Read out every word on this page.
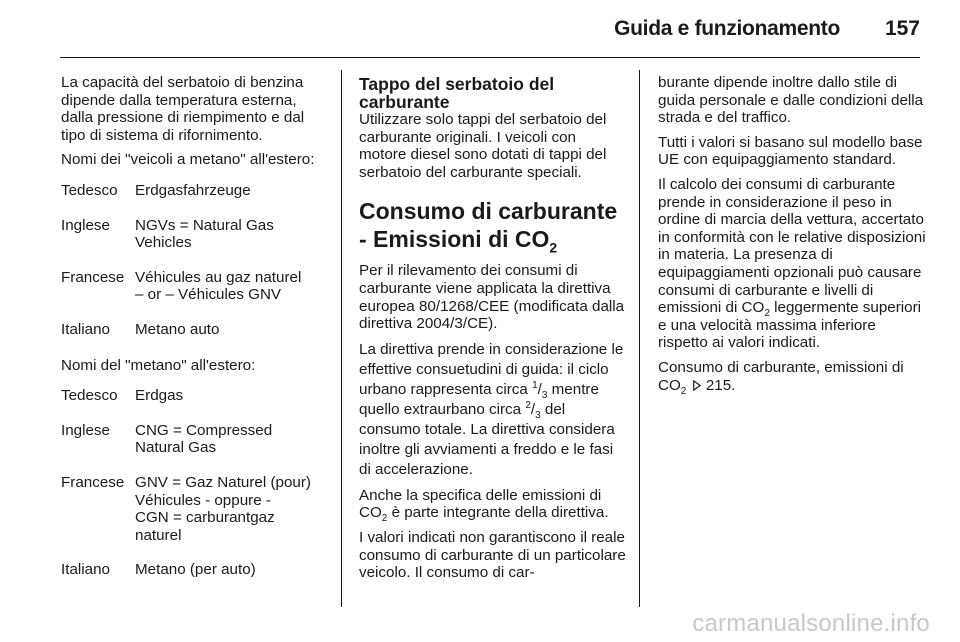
Guida e funzionamento 157

La capacità del serbatoio di benzina dipende dalla temperatura esterna, dalla pressione di riempimento e dal tipo di sistema di rifornimento.

Nomi dei "veicoli a metano" all'estero:

Tedesco	Erdgasfahrzeuge
Inglese	NGVs = Natural Gas
Vehicles
Francese Véhicules au gaz naturel
– or – Véhicules GNV
Italiano	Metano auto

Nomi del "metano" all'estero:

Tedesco	Erdgas
Inglese	CNG = Compressed
Natural Gas
Francese GNV = Gaz Naturel (pour)
Véhicules - oppure -
CGN = carburantgaz
naturel
Italiano	Metano (per auto)
Tappo del serbatoio del carburante

Utilizzare solo tappi del serbatoio del carburante originali. I veicoli con motore diesel sono dotati di tappi del serbatoio del carburante speciali.

Consumo di carburante - Emissioni di $CO_2$

Per il rilevamento dei consumi di carburante viene applicata la direttiva europea 80/1268/CEE (modificata dalla direttiva 2004/3/CE).

La direttiva prende in considerazione le effettive consuetudini di guida: il ciclo urbano rappresenta circa $^1/_3$ mentre quello extraurbano circa $^2/_3$ del consumo totale. La direttiva considera inoltre gli avviamenti a freddo e le fasi di accelerazione.

Anche la specifica delle emissioni di $CO_2$ è parte integrante della direttiva.

I valori indicati non garantiscono il reale consumo di carburante di un particolare veicolo. Il consumo di car-

burante dipende inoltre dallo stile di guida personale e dalle condizioni della strada e del traffico.

Tutti i valori si basano sul modello base UE con equipaggiamento standard.

Il calcolo dei consumi di carburante prende in considerazione il peso in ordine di marcia della vettura, accertato in conformità con le relative disposizioni in materia. La presenza di equipaggiamenti opzionali può causare consumi di carburante e livelli di emissioni di $CO_2$ leggermente superiori e una velocità massima inferiore rispetto ai valori indicati.

Consumo di carburante, emissioni di $CO_2$ 215.

carmanualsonline.info
